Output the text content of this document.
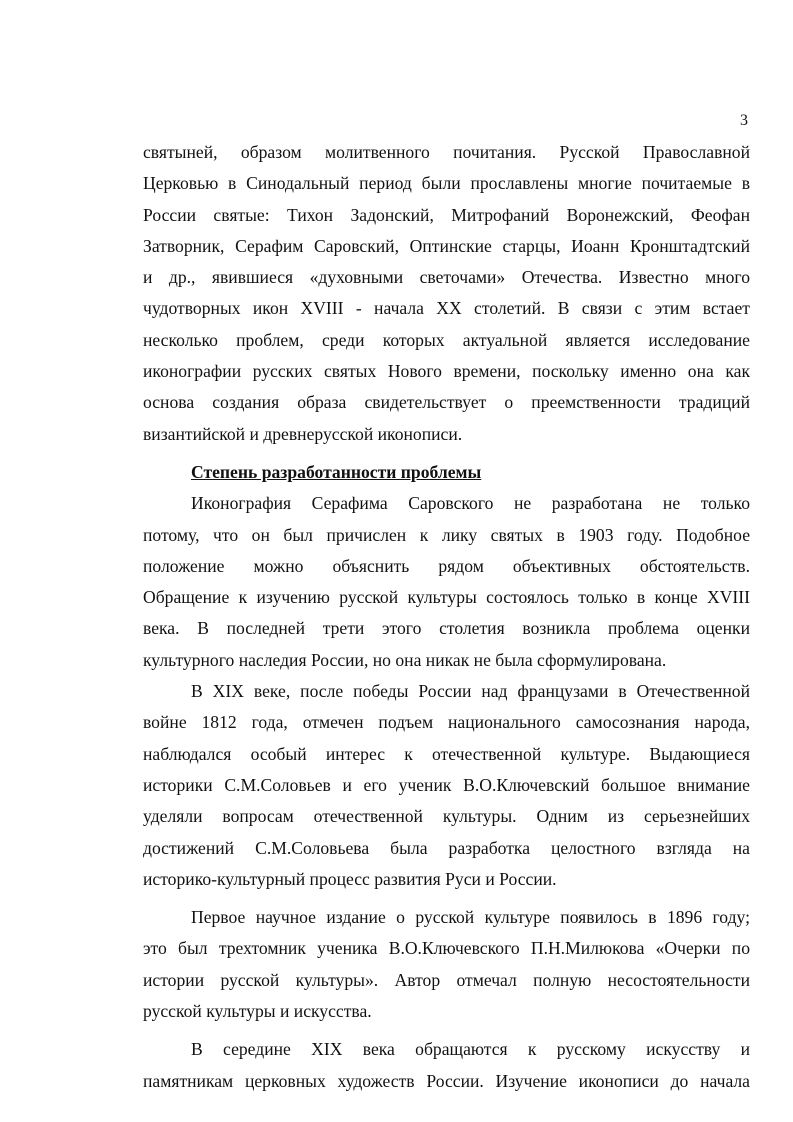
3
святыней, образом молитвенного почитания. Русской Православной
Церковью в Синодальный период были прославлены многие почитаемые в
России святые: Тихон Задонский, Митрофаний Воронежский, Феофан
Затворник, Серафим Саровский, Оптинские старцы, Иоанн Кронштадтский
и др., явившиеся «духовными светочами» Отечества. Известно много
чудотворных икон XVIII - начала XX столетий. В связи с этим встает
несколько проблем, среди которых актуальной является исследование
иконографии русских святых Нового времени, поскольку именно она как
основа создания образа свидетельствует о преемственности традиций
византийской и древнерусской иконописи.
Степень разработанности проблемы
Иконография Серафима Саровского не разработана не только
потому, что он был причислен к лику святых в 1903 году. Подобное
положение можно объяснить рядом объективных обстоятельств.
Обращение к изучению русской культуры состоялось только в конце XVIII
века. В последней трети этого столетия возникла проблема оценки
культурного наследия России, но она никак не была сформулирована.
В XIX веке, после победы России над французами в Отечественной
войне 1812 года, отмечен подъем национального самосознания народа,
наблюдался особый интерес к отечественной культуре. Выдающиеся
историки С.М.Соловьев и его ученик В.О.Ключевский большое внимание
уделяли вопросам отечественной культуры. Одним из серьезнейших
достижений С.М.Соловьева была разработка целостного взгляда на
историко-культурный процесс развития Руси и России.
Первое научное издание о русской культуре появилось в 1896 году;
это был трехтомник ученика В.О.Ключевского П.Н.Милюкова «Очерки по
истории русской культуры». Автор отмечал полную несостоятельности
русской культуры и искусства.
В середине XIX века обращаются к русскому искусству и
памятникам церковных художеств России. Изучение иконописи до начала
